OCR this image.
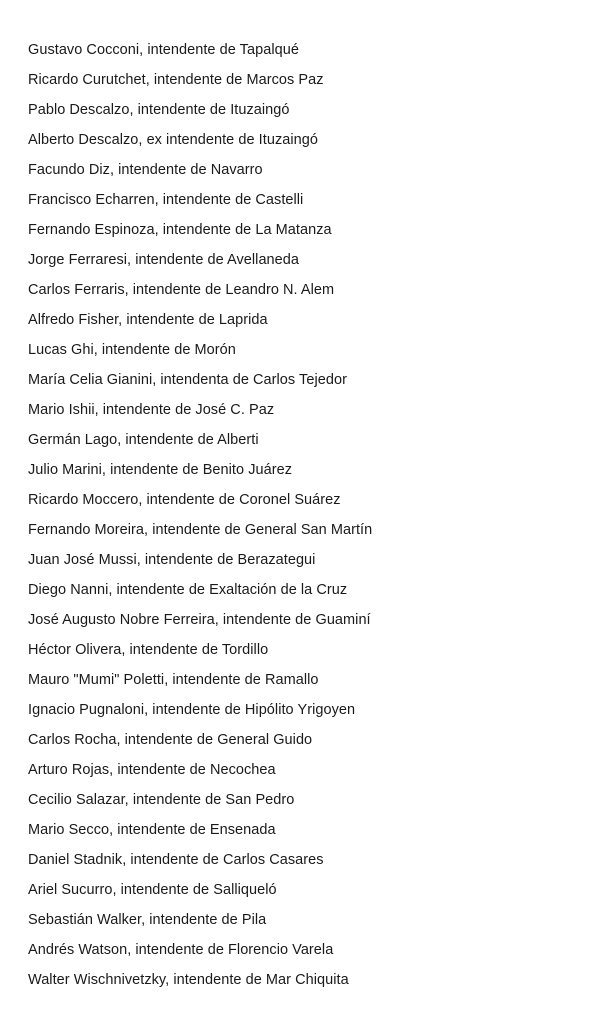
Gustavo Cocconi, intendente de Tapalqué
Ricardo Curutchet, intendente de Marcos Paz
Pablo Descalzo, intendente de Ituzaingó
Alberto Descalzo, ex intendente de Ituzaingó
Facundo Diz, intendente de Navarro
Francisco Echarren, intendente de Castelli
Fernando Espinoza, intendente de La Matanza
Jorge Ferraresi, intendente de Avellaneda
Carlos Ferraris, intendente de Leandro N. Alem
Alfredo Fisher, intendente de Laprida
Lucas Ghi, intendente de Morón
María Celia Gianini, intendenta de Carlos Tejedor
Mario Ishii, intendente de José C. Paz
Germán Lago, intendente de Alberti
Julio Marini, intendente de Benito Juárez
Ricardo Moccero, intendente de Coronel Suárez
Fernando Moreira, intendente de General San Martín
Juan José Mussi, intendente de Berazategui
Diego Nanni, intendente de Exaltación de la Cruz
José Augusto Nobre Ferreira, intendente de Guaminí
Héctor Olivera, intendente de Tordillo
Mauro "Mumi" Poletti, intendente de Ramallo
Ignacio Pugnaloni, intendente de Hipólito Yrigoyen
Carlos Rocha, intendente de General Guido
Arturo Rojas, intendente de Necochea
Cecilio Salazar, intendente de San Pedro
Mario Secco, intendente de Ensenada
Daniel Stadnik, intendente de Carlos Casares
Ariel Sucurro, intendente de Salliqueló
Sebastián Walker, intendente de Pila
Andrés Watson, intendente de Florencio Varela
Walter Wischnivetzky, intendente de Mar Chiquita
